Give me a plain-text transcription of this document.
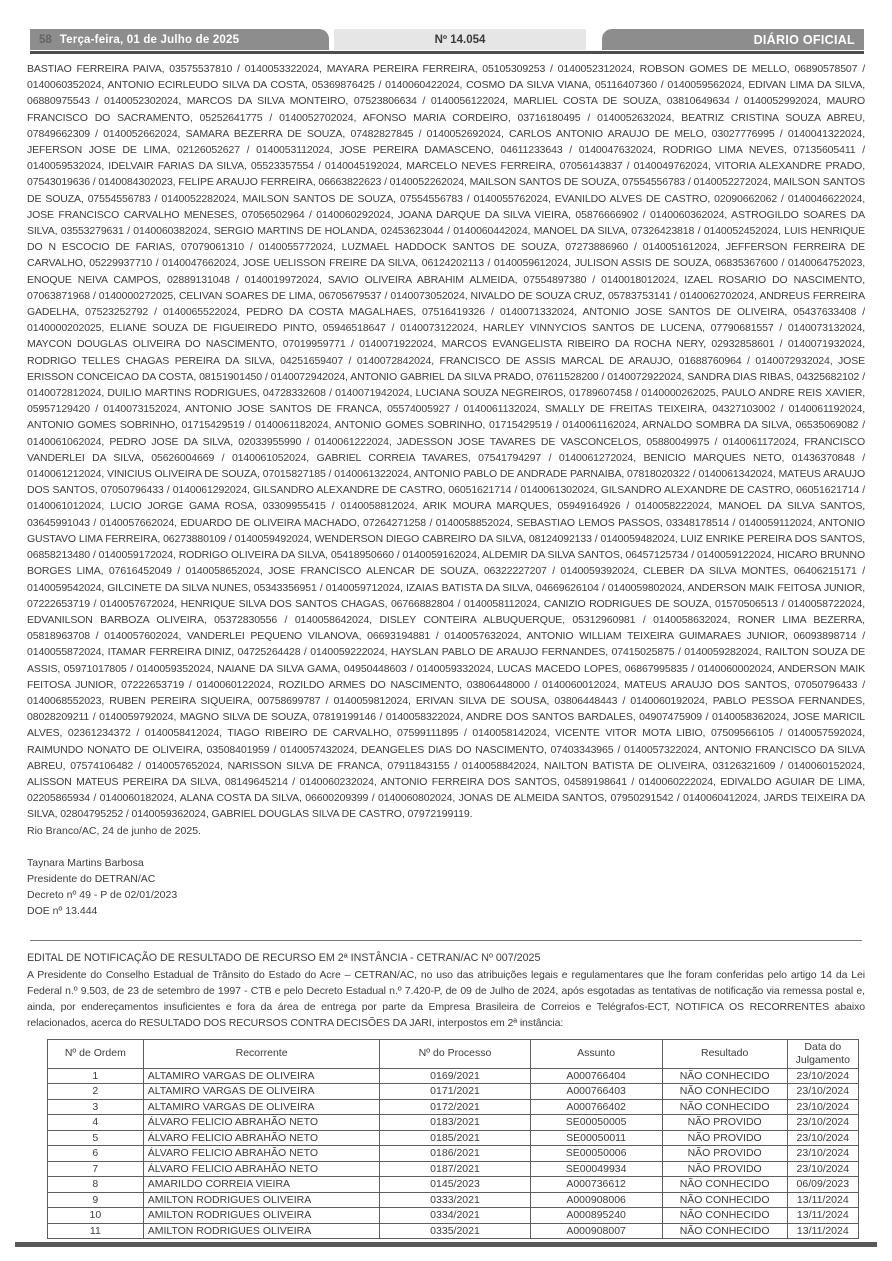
58 Terça-feira, 01 de Julho de 2025	Nº 14.054	DIÁRIO OFICIAL

BASTIAO FERREIRA PAIVA, 03575537810 / 0140053322024, MAYARA PEREIRA FERREIRA, 05105309253 / 0140052312024, ROBSON GOMES DE MELLO, 06890578507 / 0140060352024, ANTONIO ECIRLEUDO SILVA DA COSTA, 05369876425 / 0140060422024, COSMO DA SILVA VIANA, 05116407360 / 0140059562024, EDIVAN LIMA DA SILVA, 06880975543 / 0140052302024, MARCOS DA SILVA MONTEIRO, 07523806634 / 0140056122024, MARLIEL COSTA DE SOUZA, 03810649634 / 0140052992024, MAURO FRANCISCO DO SACRAMENTO, 05252641775 / 0140052702024, AFONSO MARIA CORDEIRO, 03716180495 / 0140052632024, BEATRIZ CRISTINA SOUZA ABREU, 07849662309 / 0140052662024, SAMARA BEZERRA DE SOUZA, 07482827845 / 0140052692024, CARLOS ANTONIO ARAUJO DE MELO, 03027776995 / 0140041322024, JEFERSON JOSE DE LIMA, 02126052627 / 0140053112024, JOSE PEREIRA DAMASCENO, 04611233643 / 0140047632024, RODRIGO LIMA NEVES, 07135605411 / 0140059532024, IDELVAIR FARIAS DA SILVA, 05523357554 / 0140045192024, MARCELO NEVES FERREIRA, 07056143837 / 0140049762024, VITORIA ALEXANDRE PRADO, 07543019636 / 0140084302023, FELIPE ARAUJO FERREIRA, 06663822623 / 0140052262024, MAILSON SANTOS DE SOUZA, 07554556783 / 0140052272024, MAILSON SANTOS DE SOUZA, 07554556783 / 0140052282024, MAILSON SANTOS DE SOUZA, 07554556783 / 0140055762024, EVANILDO ALVES DE CASTRO, 02090662062 / 0140046622024, JOSE FRANCISCO CARVALHO MENESES, 07056502964 / 0140060292024, JOANA DARQUE DA SILVA VIEIRA, 05876666902 / 0140060362024, ASTROGILDO SOARES DA SILVA, 03553279631 / 0140060382024, SERGIO MARTINS DE HOLANDA, 02453623044 / 0140060442024, MANOEL DA SILVA, 07326423818 / 0140052452024, LUIS HENRIQUE DO N ESCOCIO DE FARIAS, 07079061310 / 0140055772024, LUZMAEL HADDOCK SANTOS DE SOUZA, 07273886960 / 0140051612024, JEFFERSON FERREIRA DE CARVALHO, 05229937710 / 0140047662024, JOSE UELISSON FREIRE DA SILVA, 06124202113 / 0140059612024, JULISON ASSIS DE SOUZA, 06835367600 / 0140064752023, ENOQUE NEIVA CAMPOS, 02889131048 / 0140019972024, SAVIO OLIVEIRA ABRAHIM ALMEIDA, 07554897380 / 0140018012024, IZAEL ROSARIO DO NASCIMENTO, 07063871968 / 0140000272025, CELIVAN SOARES DE LIMA, 06705679537 / 0140073052024, NIVALDO DE SOUZA CRUZ, 05783753141 / 0140062702024, ANDREUS FERREIRA GADELHA, 07523252792 / 0140065522024, PEDRO DA COSTA MAGALHAES, 07516419326 / 0140071332024, ANTONIO JOSE SANTOS DE OLIVEIRA, 05437633408 / 0140000202025, ELIANE SOUZA DE FIGUEIREDO PINTO, 05946518647 / 0140073122024, HARLEY VINNYCIOS SANTOS DE LUCENA, 07790681557 / 0140073132024, MAYCON DOUGLAS OLIVEIRA DO NASCIMENTO, 07019959771 / 0140071922024, MARCOS EVANGELISTA RIBEIRO DA ROCHA NERY, 02932858601 / 0140071932024, RODRIGO TELLES CHAGAS PEREIRA DA SILVA, 04251659407 / 0140072842024, FRANCISCO DE ASSIS MARCAL DE ARAUJO, 01688760964 / 0140072932024, JOSE ERISSON CONCEICAO DA COSTA, 08151901450 / 0140072942024, ANTONIO GABRIEL DA SILVA PRADO, 07611528200 / 0140072922024, SANDRA DIAS RIBAS, 04325682102 / 0140072812024, DUILIO MARTINS RODRIGUES, 04728332608 / 0140071942024, LUCIANA SOUZA NEGREIROS, 01789607458 / 0140000262025, PAULO ANDRE REIS XAVIER, 05957129420 / 0140073152024, ANTONIO JOSE SANTOS DE FRANCA, 05574005927 / 0140061132024, SMALLY DE FREITAS TEIXEIRA, 04327103002 / 0140061192024, ANTONIO GOMES SOBRINHO, 01715429519 / 0140061182024, ANTONIO GOMES SOBRINHO, 01715429519 / 0140061162024, ARNALDO SOMBRA DA SILVA, 06535069082 / 0140061062024, PEDRO JOSE DA SILVA, 02033955990 / 0140061222024, JADESSON JOSE TAVARES DE VASCONCELOS, 05880049975 / 0140061172024, FRANCISCO VANDERLEI DA SILVA, 05626004669 / 0140061052024, GABRIEL CORREIA TAVARES, 07541794297 / 0140061272024, BENICIO MARQUES NETO, 01436370848 / 0140061212024, VINICIUS OLIVEIRA DE SOUZA, 07015827185 / 0140061322024, ANTONIO PABLO DE ANDRADE PARNAIBA, 07818020322 / 0140061342024, MATEUS ARAUJO DOS SANTOS, 07050796433 / 0140061292024, GILSANDRO ALEXANDRE DE CASTRO, 06051621714 / 0140061302024, GILSANDRO ALEXANDRE DE CASTRO, 06051621714 / 0140061012024, LUCIO JORGE GAMA ROSA, 03309955415 / 0140058812024, ARIK MOURA MARQUES, 05949164926 / 0140058222024, MANOEL DA SILVA SANTOS, 03645991043 / 0140057662024, EDUARDO DE OLIVEIRA MACHADO, 07264271258 / 0140058852024, SEBASTIAO LEMOS PASSOS, 03348178514 / 0140059112024, ANTONIO GUSTAVO LIMA FERREIRA, 06273880109 / 0140059492024, WENDERSON DIEGO CABREIRO DA SILVA, 08124092133 / 0140059482024, LUIZ ENRIKE PEREIRA DOS SANTOS, 06858213480 / 0140059172024, RODRIGO OLIVEIRA DA SILVA, 05418950660 / 0140059162024, ALDEMIR DA SILVA SANTOS, 06457125734 / 0140059122024, HICARO BRUNNO BORGES LIMA, 07616452049 / 0140058652024, JOSE FRANCISCO ALENCAR DE SOUZA, 06322227207 / 0140059392024, CLEBER DA SILVA MONTES, 06406215171 / 0140059542024, GILCINETE DA SILVA NUNES, 05343356951 / 0140059712024, IZAIAS BATISTA DA SILVA, 04669626104 / 0140059802024, ANDERSON MAIK FEITOSA JUNIOR, 07222653719 / 0140057672024, HENRIQUE SILVA DOS SANTOS CHAGAS, 06766882804 / 0140058112024, CANIZIO RODRIGUES DE SOUZA, 01570506513 / 0140058722024, EDVANILSON BARBOZA OLIVEIRA, 05372830556 / 0140058642024, DISLEY CONTEIRA ALBUQUERQUE, 05312960981 / 0140058632024, RONER LIMA BEZERRA, 05818963708 / 0140057602024, VANDERLEI PEQUENO VILANOVA, 06693194881 / 0140057632024, ANTONIO WILLIAM TEIXEIRA GUIMARAES JUNIOR, 06093898714 / 0140055872024, ITAMAR FERREIRA DINIZ, 04725264428 / 0140059222024, HAYSLAN PABLO DE ARAUJO FERNANDES, 07415025875 / 0140059282024, RAILTON SOUZA DE ASSIS, 05971017805 / 0140059352024, NAIANE DA SILVA GAMA, 04950448603 / 0140059332024, LUCAS MACEDO LOPES, 06867995835 / 0140060002024, ANDERSON MAIK FEITOSA JUNIOR, 07222653719 / 0140060122024, ROZILDO ARMES DO NASCIMENTO, 03806448000 / 0140060012024, MATEUS ARAUJO DOS SANTOS, 07050796433 / 0140068552023, RUBEN PEREIRA SIQUEIRA, 00758699787 / 0140059812024, ERIVAN SILVA DE SOUSA, 03806448443 / 0140060192024, PABLO PESSOA FERNANDES, 08028209211 / 0140059792024, MAGNO SILVA DE SOUZA, 07819199146 / 0140058322024, ANDRE DOS SANTOS BARDALES, 04907475909 / 0140058362024, JOSE MARICIL ALVES, 02361234372 / 0140058412024, TIAGO RIBEIRO DE CARVALHO, 07599111895 / 0140058142024, VICENTE VITOR MOTA LIBIO, 07509566105 / 0140057592024, RAIMUNDO NONATO DE OLIVEIRA, 03508401959 / 0140057432024, DEANGELES DIAS DO NASCIMENTO, 07403343965 / 0140057322024, ANTONIO FRANCISCO DA SILVA ABREU, 07574106482 / 0140057652024, NARISSON SILVA DE FRANCA, 07911843155 / 0140058842024, NAILTON BATISTA DE OLIVEIRA, 03126321609 / 0140060152024, ALISSON MATEUS PEREIRA DA SILVA, 08149645214 / 0140060232024, ANTONIO FERREIRA DOS SANTOS, 04589198641 / 0140060222024, EDIVALDO AGUIAR DE LIMA, 02205865934 / 0140060182024, ALANA COSTA DA SILVA, 06600209399 / 0140060802024, JONAS DE ALMEIDA SANTOS, 07950291542 / 0140060412024, JARDS TEIXEIRA DA SILVA, 02804795252 / 0140059362024, GABRIEL DOUGLAS SILVA DE CASTRO, 07972199119.

Rio Branco/AC, 24 de junho de 2025.

Taynara Martins Barbosa
Presidente do DETRAN/AC
Decreto nº 49 - P de 02/01/2023
DOE nº 13.444
EDITAL DE NOTIFICAÇÃO DE RESULTADO DE RECURSO EM 2ª INSTÂNCIA - CETRAN/AC Nº 007/2025

A Presidente do Conselho Estadual de Trânsito do Estado do Acre – CETRAN/AC, no uso das atribuições legais e regulamentares que lhe foram conferidas pelo artigo 14 da Lei Federal n.º 9.503, de 23 de setembro de 1997 - CTB e pelo Decreto Estadual n.º 7.420-P, de 09 de Julho de 2024, após esgotadas as tentativas de notificação via remessa postal e, ainda, por endereçamentos insuficientes e fora da área de entrega por parte da Empresa Brasileira de Correios e Telégrafos-ECT, NOTIFICA OS RECORRENTES abaixo relacionados, acerca do RESULTADO DOS RECURSOS CONTRA DECISÕES DA JARI, interpostos em 2ª instância:

Nº de Ordem	Recorrente	Nº do Processo	Assunto	Resultado	Data do Julgamento
1	ALTAMIRO VARGAS DE OLIVEIRA	0169/2021	A000766404	NÃO CONHECIDO	23/10/2024
2	ALTAMIRO VARGAS DE OLIVEIRA	0171/2021	A000766403	NÃO CONHECIDO	23/10/2024
3	ALTAMIRO VARGAS DE OLIVEIRA	0172/2021	A000766402	NÃO CONHECIDO	23/10/2024
4	ÁLVARO FELICIO ABRAHÃO NETO	0183/2021	SE00050005	NÃO PROVIDO	23/10/2024
5	ÁLVARO FELICIO ABRAHÃO NETO	0185/2021	SE00050011	NÃO PROVIDO	23/10/2024
6	ÁLVARO FELICIO ABRAHÃO NETO	0186/2021	SE00050006	NÃO PROVIDO	23/10/2024
7	ÁLVARO FELICIO ABRAHÃO NETO	0187/2021	SE00049934	NÃO PROVIDO	23/10/2024
8	AMARILDO CORREIA VIEIRA	0145/2023	A000736612	NÃO CONHECIDO	06/09/2023
9	AMILTON RODRIGUES OLIVEIRA	0333/2021	A000908006	NÃO CONHECIDO	13/11/2024
10	AMILTON RODRIGUES OLIVEIRA	0334/2021	A000895240	NÃO CONHECIDO	13/11/2024
11	AMILTON RODRIGUES OLIVEIRA	0335/2021	A000908007	NÃO CONHECIDO	13/11/2024
